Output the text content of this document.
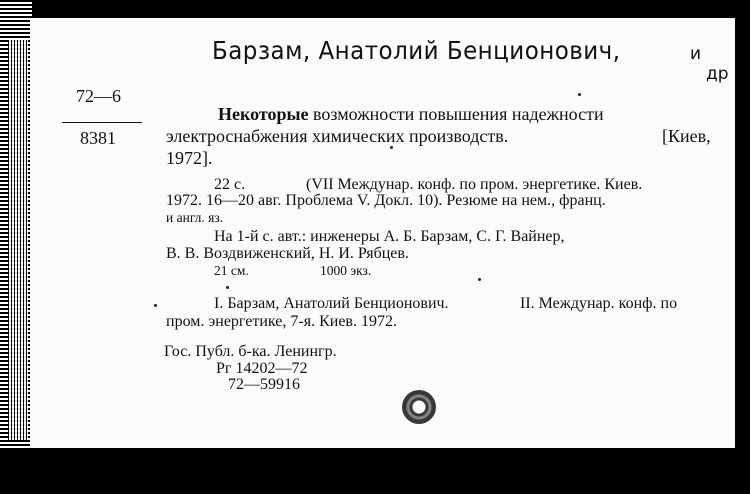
Барзам, Анатолий Бенционович,	и
др
72—6
8381
Некоторые возможности повышения надежности
электроснабжения химических производств.	[Киев,
1972].
22 с.	(VII Междунар. конф. по пром. энергетике. Киев.
1972. 16—20 авг. Проблема V. Докл. 10). Резюме на нем., франц.
и англ. яз.
На 1-й с. авт.: инженеры А. Б. Барзам, С. Г. Вайнер,
В. В. Воздвиженский, Н. И. Рябцев.
21 см.	1000 экз.
I. Барзам, Анатолий Бенционович.	II. Междунар. конф. по
пром. энергетике, 7-я. Киев. 1972.
Гос. Публ. б-ка. Ленингр.
Рг 14202—72
72—59916
